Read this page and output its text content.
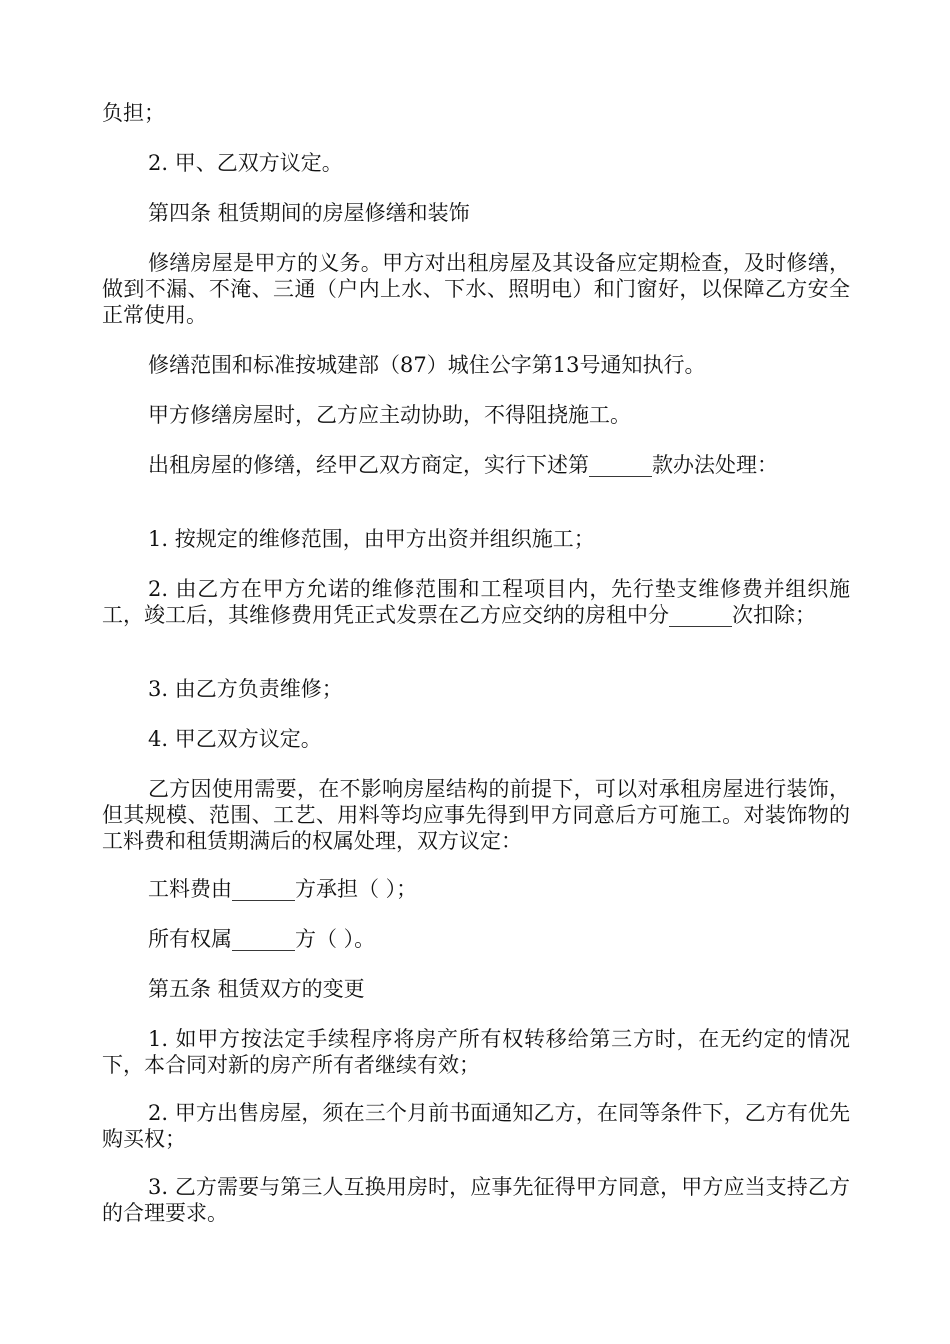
负担；

2. 甲、乙双方议定。

第四条 租赁期间的房屋修缮和装饰

修缮房屋是甲方的义务。甲方对出租房屋及其设备应定期检查，及时修缮，做到不漏、不淹、三通（户内上水、下水、照明电）和门窗好，以保障乙方安全正常使用。

修缮范围和标准按城建部（87）城住公字第13号通知执行。

甲方修缮房屋时，乙方应主动协助，不得阻挠施工。

出租房屋的修缮，经甲乙双方商定，实行下述第______款办法处理：

1. 按规定的维修范围，由甲方出资并组织施工；

2. 由乙方在甲方允诺的维修范围和工程项目内，先行垫支维修费并组织施工，竣工后，其维修费用凭正式发票在乙方应交纳的房租中分______次扣除；

3. 由乙方负责维修；

4. 甲乙双方议定。

乙方因使用需要，在不影响房屋结构的前提下，可以对承租房屋进行装饰，但其规模、范围、工艺、用料等均应事先得到甲方同意后方可施工。对装饰物的工料费和租赁期满后的权属处理，双方议定：

工料费由______方承担（ ）；

所有权属______方（ ）。

第五条 租赁双方的变更

1. 如甲方按法定手续程序将房产所有权转移给第三方时，在无约定的情况下，本合同对新的房产所有者继续有效；

2. 甲方出售房屋，须在三个月前书面通知乙方，在同等条件下，乙方有优先购买权；

3. 乙方需要与第三人互换用房时，应事先征得甲方同意，甲方应当支持乙方的合理要求。
